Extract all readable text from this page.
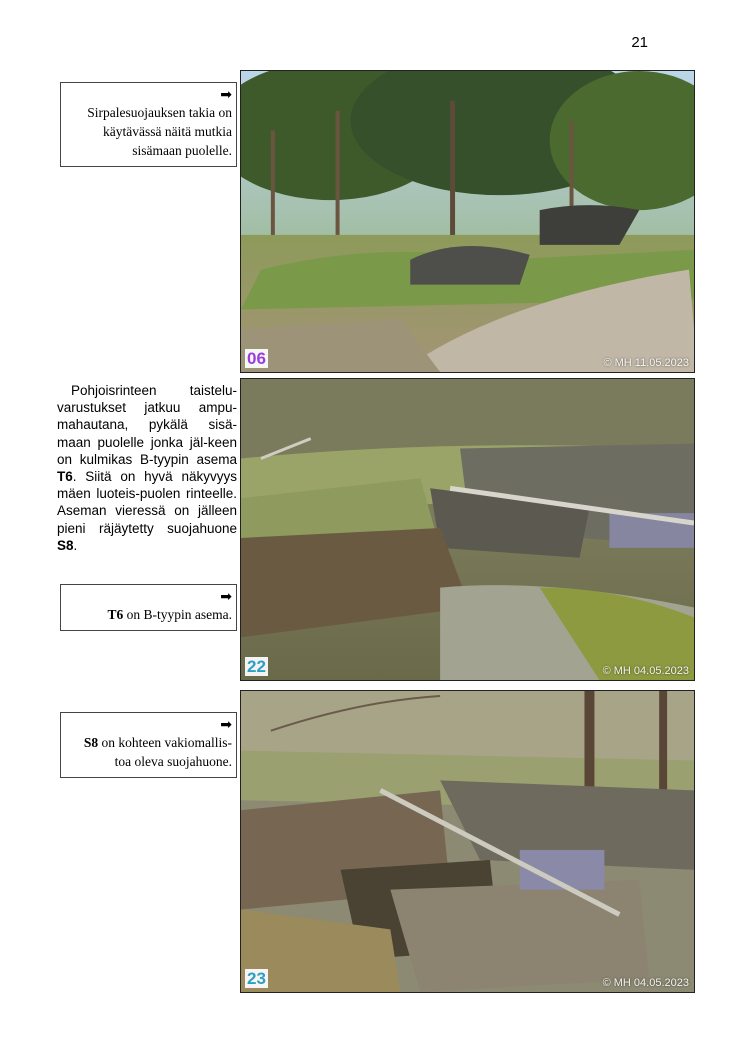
21
➡
Sirpalesuojauksen takia on
käytävässä näitä mutkia
sisämaan puolelle.
06	© MH 11.05.2023

Pohjoisrinteen taistelu-varustukset jatkuu ampu-mahautana, pykälä sisä-maan puolelle jonka jäl-keen on kulmikas B-tyypin asema T6. Siitä on hyvä näkyvyys mäen luoteis-puolen rinteelle. Aseman vieressä on jälleen pieni räjäytetty suojahuone S8.

➡
T6 on B-tyypin asema.
22	© MH 04.05.2023
➡
S8 on kohteen vakiomallis-
toa oleva suojahuone.
23	© MH 04.05.2023
